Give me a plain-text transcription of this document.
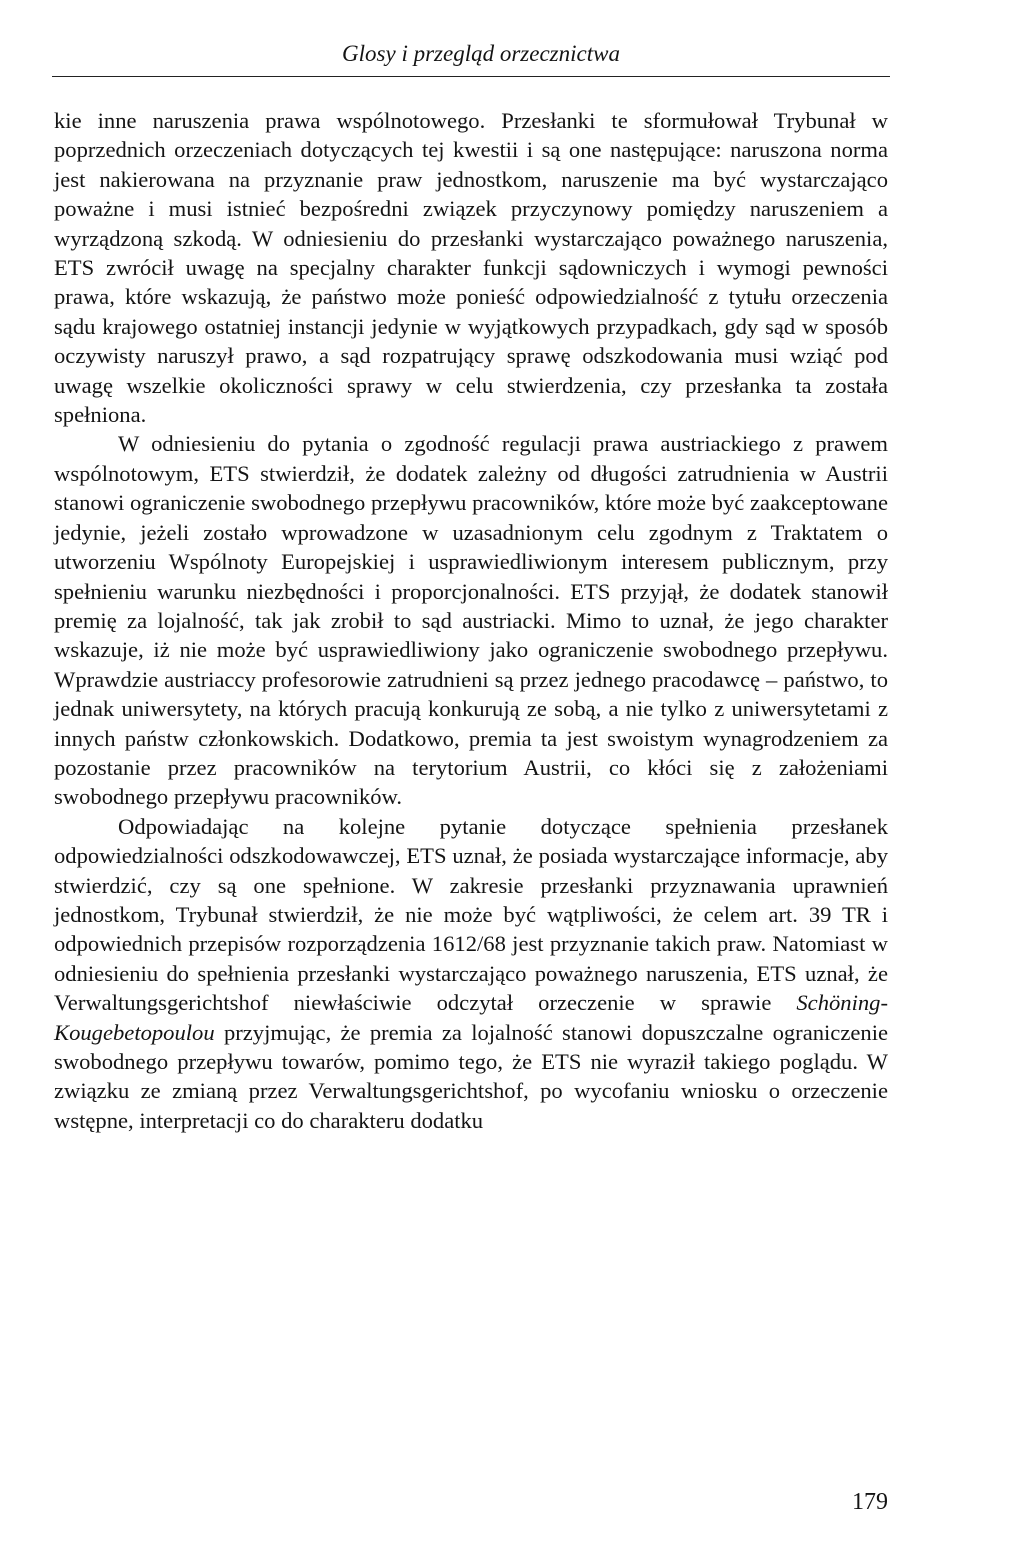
Glosy i przegląd orzecznictwa

kie inne naruszenia prawa wspólnotowego. Przesłanki te sformułował Trybunał w poprzednich orzeczeniach dotyczących tej kwestii i są one następujące: naruszona norma jest nakierowana na przyznanie praw jednostkom, naruszenie ma być wystarczająco poważne i musi istnieć bezpośredni związek przyczynowy pomiędzy naruszeniem a wyrządzoną szkodą. W odniesieniu do przesłanki wystarczająco poważnego naruszenia, ETS zwrócił uwagę na specjalny charakter funkcji sądowniczych i wymogi pewności prawa, które wskazują, że państwo może ponieść odpowiedzialność z tytułu orzeczenia sądu krajowego ostatniej instancji jedynie w wyjątkowych przypadkach, gdy sąd w sposób oczywisty naruszył prawo, a sąd rozpatrujący sprawę odszkodowania musi wziąć pod uwagę wszelkie okoliczności sprawy w celu stwierdzenia, czy przesłanka ta została spełniona.

W odniesieniu do pytania o zgodność regulacji prawa austriackiego z prawem wspólnotowym, ETS stwierdził, że dodatek zależny od długości zatrudnienia w Austrii stanowi ograniczenie swobodnego przepływu pracowników, które może być zaakceptowane jedynie, jeżeli zostało wprowadzone w uzasadnionym celu zgodnym z Traktatem o utworzeniu Wspólnoty Europejskiej i usprawiedliwionym interesem publicznym, przy spełnieniu warunku niezbędności i proporcjonalności. ETS przyjął, że dodatek stanowił premię za lojalność, tak jak zrobił to sąd austriacki. Mimo to uznał, że jego charakter wskazuje, iż nie może być usprawiedliwiony jako ograniczenie swobodnego przepływu. Wprawdzie austriaccy profesorowie zatrudnieni są przez jednego pracodawcę – państwo, to jednak uniwersytety, na których pracują konkurują ze sobą, a nie tylko z uniwersytetami z innych państw członkowskich. Dodatkowo, premia ta jest swoistym wynagrodzeniem za pozostanie przez pracowników na terytorium Austrii, co kłóci się z założeniami swobodnego przepływu pracowników.

Odpowiadając na kolejne pytanie dotyczące spełnienia przesłanek odpowiedzialności odszkodowawczej, ETS uznał, że posiada wystarczające informacje, aby stwierdzić, czy są one spełnione. W zakresie przesłanki przyznawania uprawnień jednostkom, Trybunał stwierdził, że nie może być wątpliwości, że celem art. 39 TR i odpowiednich przepisów rozporządzenia 1612/68 jest przyznanie takich praw. Natomiast w odniesieniu do spełnienia przesłanki wystarczająco poważnego naruszenia, ETS uznał, że Verwaltungsgerichtshof niewłaściwie odczytał orzeczenie w sprawie Schöning-Kougebetopoulou przyjmując, że premia za lojalność stanowi dopuszczalne ograniczenie swobodnego przepływu towarów, pomimo tego, że ETS nie wyraził takiego poglądu. W związku ze zmianą przez Verwaltungsgerichtshof, po wycofaniu wniosku o orzeczenie wstępne, interpretacji co do charakteru dodatku

179
